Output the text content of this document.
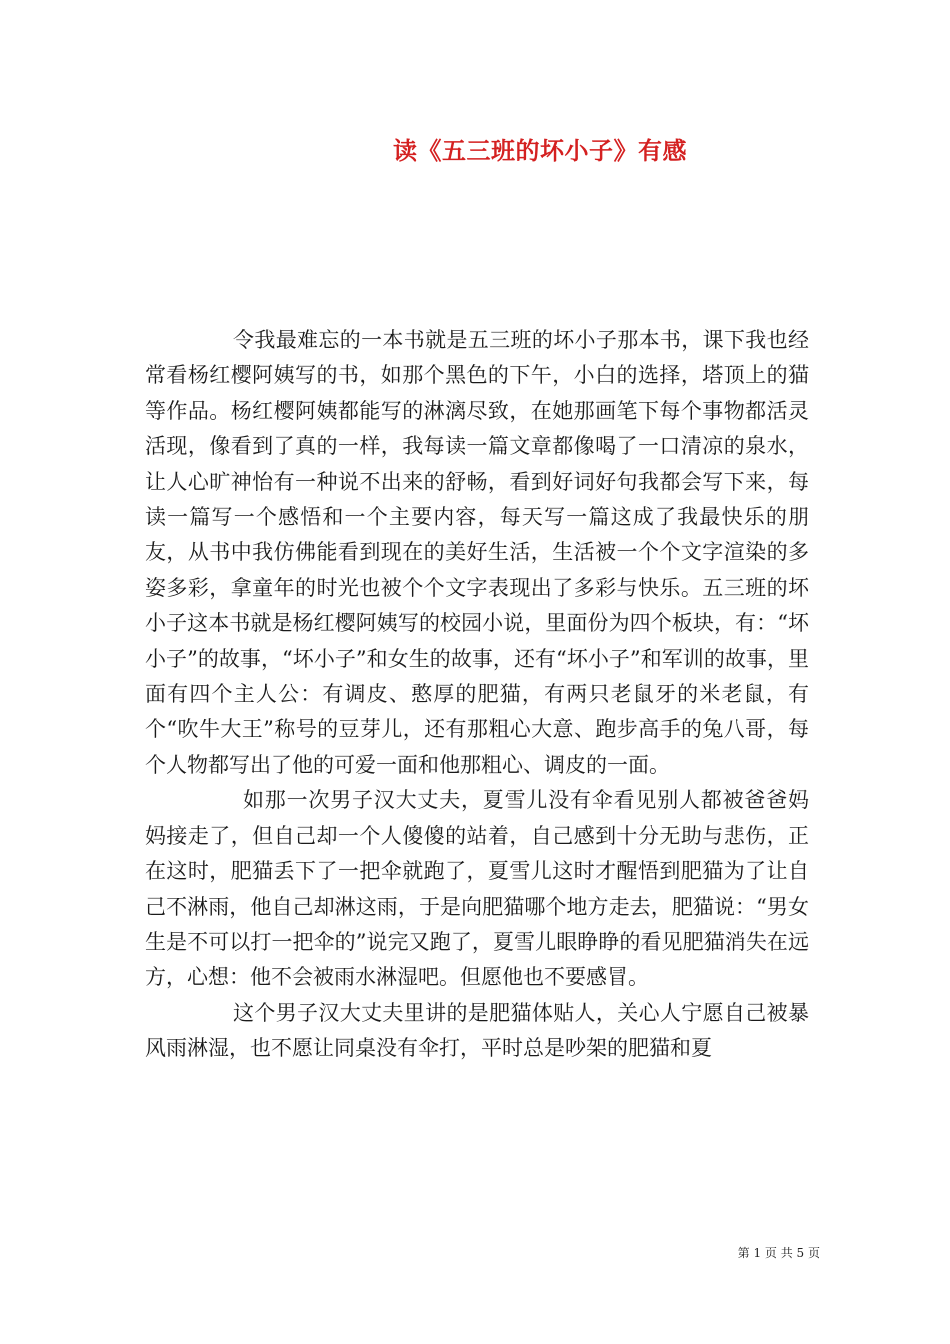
读《五三班的坏小子》有感

令我最难忘的一本书就是五三班的坏小子那本书，课下我也经常看杨红樱阿姨写的书，如那个黑色的下午，小白的选择，塔顶上的猫等作品。杨红樱阿姨都能写的淋漓尽致，在她那画笔下每个事物都活灵活现，像看到了真的一样，我每读一篇文章都像喝了一口清凉的泉水，让人心旷神怡有一种说不出来的舒畅，看到好词好句我都会写下来，每读一篇写一个感悟和一个主要内容，每天写一篇这成了我最快乐的朋友，从书中我仿佛能看到现在的美好生活，生活被一个个文字渲染的多姿多彩，拿童年的时光也被个个文字表现出了多彩与快乐。五三班的坏小子这本书就是杨红樱阿姨写的校园小说，里面份为四个板块，有：“坏小子”的故事，“坏小子”和女生的故事，还有“坏小子”和军训的故事，里面有四个主人公：有调皮、憨厚的肥猫，有两只老鼠牙的米老鼠，有个“吹牛大王”称号的豆芽儿，还有那粗心大意、跑步高手的兔八哥，每个人物都写出了他的可爱一面和他那粗心、调皮的一面。

如那一次男子汉大丈夫，夏雪儿没有伞看见别人都被爸爸妈妈接走了，但自己却一个人傻傻的站着，自己感到十分无助与悲伤，正在这时，肥猫丢下了一把伞就跑了，夏雪儿这时才醒悟到肥猫为了让自己不淋雨，他自己却淋这雨，于是向肥猫哪个地方走去，肥猫说：“男女生是不可以打一把伞的”说完又跑了，夏雪儿眼睁睁的看见肥猫消失在远方，心想：他不会被雨水淋湿吧。但愿他也不要感冒。

这个男子汉大丈夫里讲的是肥猫体贴人，关心人宁愿自己被暴风雨淋湿，也不愿让同桌没有伞打，平时总是吵架的肥猫和夏

第 1 页 共 5 页
